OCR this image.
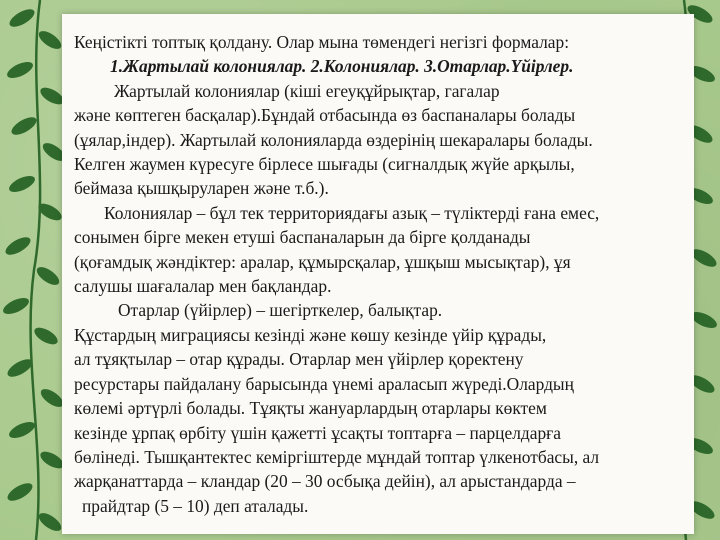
Кеңістікті топтық қолдану. Олар мына төмендегі негізгі формалар:
1.Жартылай колониялар. 2.Колониялар. 3.Отарлар.Үйірлер.
Жартылай колониялар (кіші егеуқұйрықтар, гагалар
және көптеген басқалар).Бұндай отбасында өз баспаналары болады
(ұялар,індер). Жартылай колонияларда өздерінің шекаралары болады.
Келген жаумен күресуге бірлесе шығады (сигналдық жүйе арқылы,
беймаза қышқыруларен және т.б.).
Колониялар – бұл тек территориядағы азық – түліктерді ғана емес,
сонымен бірге мекен етуші баспаналарын да бірге қолданады
(қоғамдық жәндіктер: аралар, құмырсқалар, ұшқыш мысықтар), ұя
салушы шағалалар мен бақландар.
Отарлар (үйірлер) – шегірткелер, балықтар.
Құстардың миграциясы кезінді және көшу кезінде үйір құрады,
ал тұяқтылар – отар құрады. Отарлар мен үйірлер қоректену
ресурстары пайдалану барысында үнемі араласып жүреді.Олардың
көлемі әртүрлі болады. Тұяқты жануарлардың отарлары көктем
кезінде ұрпақ өрбіту үшін қажетті ұсақты топтарға – парцелдарға
бөлінеді. Тышқантектес кеміргіштерде мұндай топтар үлкенотбасы, ал
жарқанаттарда – кландар (20 – 30 осбықа дейін), ал арыстандарда –
прайдтар (5 – 10) деп аталады.
